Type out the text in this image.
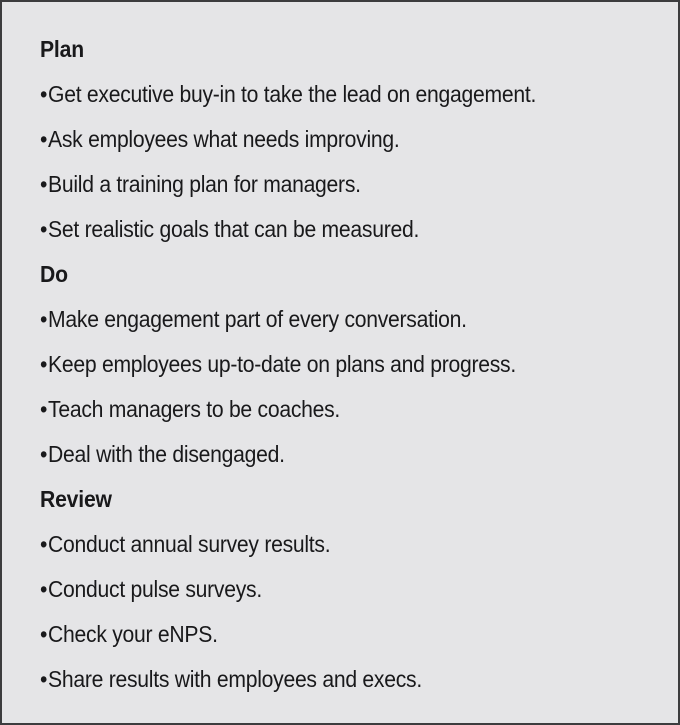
Plan
•Get executive buy-in to take the lead on engagement.
•Ask employees what needs improving.
•Build a training plan for managers.
•Set realistic goals that can be measured.
Do
•Make engagement part of every conversation.
•Keep employees up-to-date on plans and progress.
•Teach managers to be coaches.
•Deal with the disengaged.
Review
•Conduct annual survey results.
•Conduct pulse surveys.
•Check your eNPS.
•Share results with employees and execs.
